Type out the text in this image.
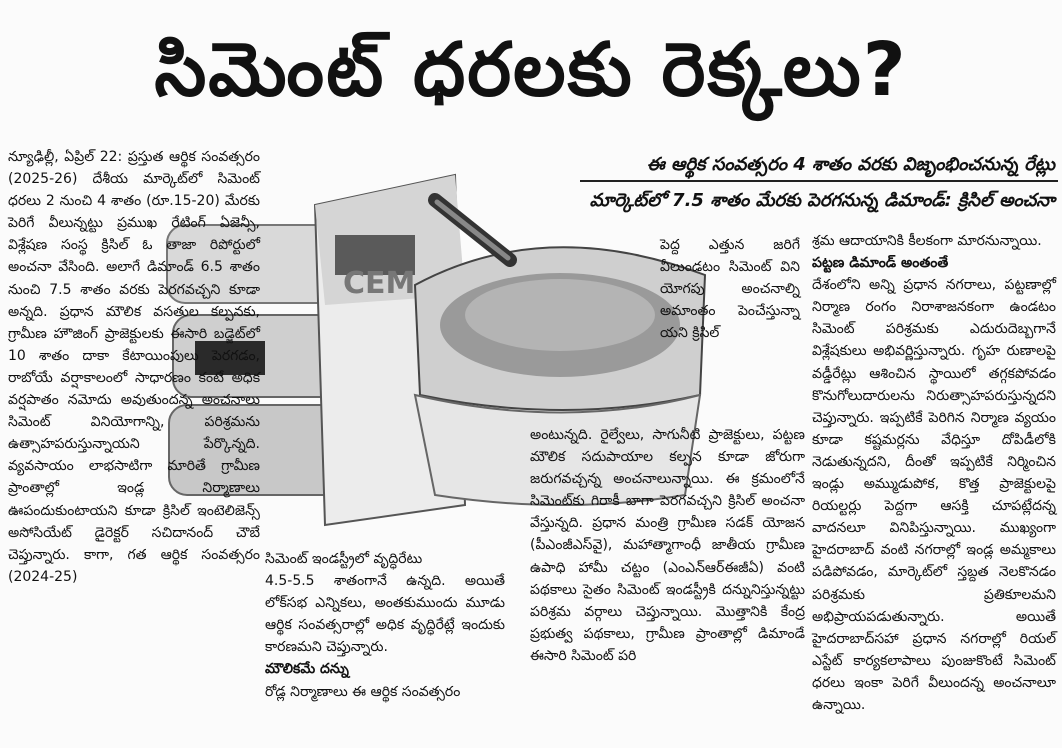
సిమెంట్ ధరలకు రెక్కలు?
ఈ ఆర్థిక సంవత్సరం 4 శాతం వరకు విజృంభించనున్న రేట్లు
మార్కెట్‌లో 7.5 శాతం మేరకు పెరగనున్న డిమాండ్: క్రిసిల్ అంచనా
CEM

న్యూఢిల్లీ, ఏప్రిల్ 22: ప్రస్తుత ఆర్థిక సంవత్సరం (2025-26) దేశీయ మార్కెట్‌లో సిమెంట్ ధరలు 2 నుంచి 4 శాతం (రూ.15-20) మేరకు పెరిగే వీలున్నట్టు ప్రముఖ రేటింగ్ ఏజెన్సీ, విశ్లేషణ సంస్థ క్రిసిల్ ఓ తాజా రిపోర్టులో అంచనా వేసింది. అలాగే డిమాండ్ 6.5 శాతం నుంచి 7.5 శాతం వరకు పెరగవచ్చని కూడా అన్నది. ప్రధాన మౌలిక వసతుల కల్పనకు, గ్రామీణ హౌజింగ్ ప్రాజెక్టులకు ఈసారి బడ్జెట్‌లో 10 శాతం దాకా కేటాయింపులు పెరగడం, రాబోయే వర్షాకాలంలో సాధారణం కంటే అధిక వర్షపాతం నమోదు అవుతుందన్న అంచనాలు సిమెంట్ వినియోగాన్ని, పరిశ్రమను ఉత్సాహపరుస్తున్నాయని పేర్కొన్నది. వ్యవసాయం లాభసాటిగా మారితే గ్రామీణ ప్రాంతాల్లో ఇండ్ల నిర్మాణాలు ఊపందుకుంటాయని కూడా క్రిసిల్ ఇంటెలిజెన్స్ అసోసియేట్ డైరెక్టర్ సచిదానంద్ చౌబే చెప్తున్నారు. కాగా, గత ఆర్థిక సంవత్సరం (2024-25)

సిమెంట్ ఇండస్ట్రీలో వృద్ధిరేటు

4.5-5.5 శాతంగానే ఉన్నది. అయితే లోక్‌సభ ఎన్నికలు, అంతకుముందు మూడు ఆర్థిక సంవత్సరాల్లో అధిక వృద్ధిరేట్లే ఇందుకు కారణమని చెప్తున్నారు.

మౌలికమే దన్ను

రోడ్ల నిర్మాణాలు ఈ ఆర్థిక సంవత్సరం

పెద్ద ఎత్తున జరిగే వీలుండటం సిమెంట్ విని యోగపు అంచనాల్ని అమాంతం పెంచేస్తున్నా యని క్రిసిల్

అంటున్నది. రైల్వేలు, సాగునీటి ప్రాజెక్టులు, పట్టణ మౌలిక సదుపాయాల కల్పన కూడా జోరుగా జరుగవచ్చన్న అంచనాలున్నాయి. ఈ క్రమంలోనే సిమెంట్‌కు గిరాకీ బాగా పెరగవచ్చని క్రిసిల్ అంచనా వేస్తున్నది. ప్రధాన మంత్రి గ్రామీణ సడక్ యోజన (పీఎంజీఎస్‌వై), మహాత్మాగాంధీ జాతీయ గ్రామీణ ఉపాధి హామీ చట్టం (ఎంఎన్‌ఆర్‌ఈజీఏ) వంటి పథకాలు సైతం సిమెంట్ ఇండస్ట్రీకి దన్నునిస్తున్నట్టు పరిశ్రమ వర్గాలు చెప్తున్నాయి. మొత్తానికి కేంద్ర ప్రభుత్వ పథకాలు, గ్రామీణ ప్రాంతాల్లో డిమాండే ఈసారి సిమెంట్ పరి

శ్రమ ఆదాయానికి కీలకంగా మారనున్నాయి.

పట్టణ డిమాండ్ అంతంతే

దేశంలోని అన్ని ప్రధాన నగరాలు, పట్టణాల్లో నిర్మాణ రంగం నిరాశాజనకంగా ఉండటం సిమెంట్ పరిశ్రమకు ఎదురుదెబ్బగానే విశ్లేషకులు అభివర్ణిస్తున్నారు. గృహ రుణాలపై వడ్డీరేట్లు ఆశించిన స్థాయిలో తగ్గకపోవడం కొనుగోలుదారులను నిరుత్సాహపరుస్తున్నదని చెప్తున్నారు. ఇప్పటికే పెరిగిన నిర్మాణ వ్యయం కూడా కష్టమర్లను వేధిస్తూ దోపిడీలోకి నెడుతున్నదని, దీంతో ఇప్పటికే నిర్మించిన ఇండ్లు అమ్ముడుపోక, కొత్త ప్రాజెక్టులపై రియల్టర్లు పెద్దగా ఆసక్తి చూపట్లేదన్న వాదనలూ వినిపిస్తున్నాయి. ముఖ్యంగా హైదరాబాద్ వంటి నగరాల్లో ఇండ్ల అమ్మకాలు పడిపోవడం, మార్కెట్‌లో స్తబ్దత నెలకొనడం పరిశ్రమకు ప్రతికూలమని అభిప్రాయపడుతున్నారు. అయితే హైదరాబాద్‌సహా ప్రధాన నగరాల్లో రియల్ ఎస్టేట్ కార్యకలాపాలు పుంజుకొంటే సిమెంట్ ధరలు ఇంకా పెరిగే వీలుందన్న అంచనాలూ ఉన్నాయి.
